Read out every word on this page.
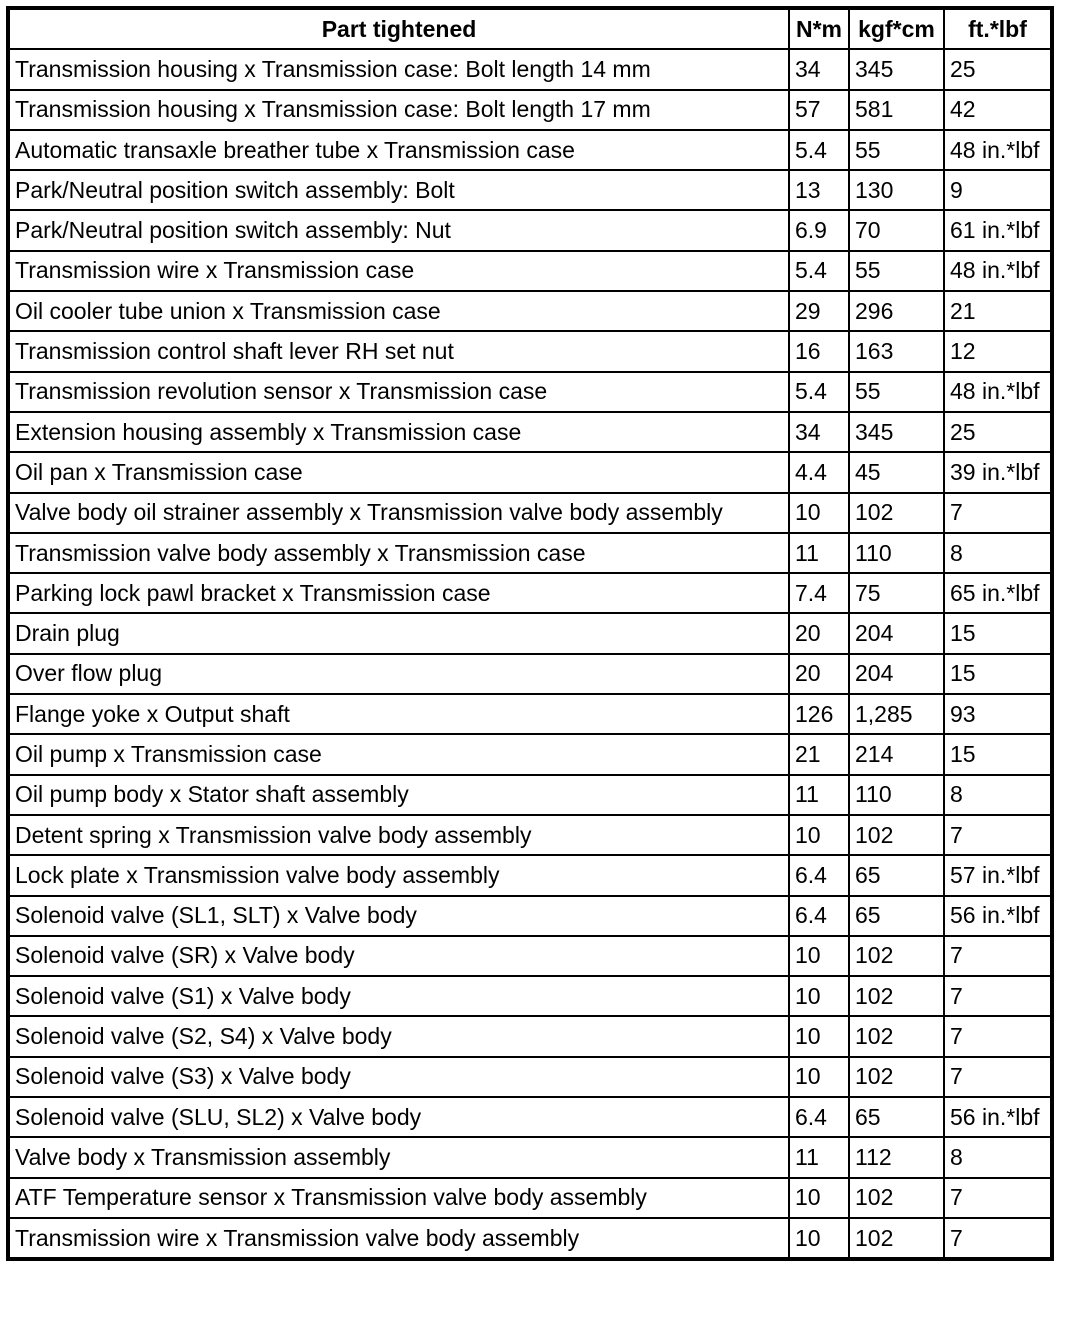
Part tightened	N*m	kgf*cm	ft.*lbf
Transmission housing x Transmission case: Bolt length 14 mm	34	345	25
Transmission housing x Transmission case: Bolt length 17 mm	57	581	42
Automatic transaxle breather tube x Transmission case	5.4	55	48 in.*lbf
Park/Neutral position switch assembly: Bolt	13	130	9
Park/Neutral position switch assembly: Nut	6.9	70	61 in.*lbf
Transmission wire x Transmission case	5.4	55	48 in.*lbf
Oil cooler tube union x Transmission case	29	296	21
Transmission control shaft lever RH set nut	16	163	12
Transmission revolution sensor x Transmission case	5.4	55	48 in.*lbf
Extension housing assembly x Transmission case	34	345	25
Oil pan x Transmission case	4.4	45	39 in.*lbf
Valve body oil strainer assembly x Transmission valve body assembly	10	102	7
Transmission valve body assembly x Transmission case	11	110	8
Parking lock pawl bracket x Transmission case	7.4	75	65 in.*lbf
Drain plug	20	204	15
Over flow plug	20	204	15
Flange yoke x Output shaft	126	1,285	93
Oil pump x Transmission case	21	214	15
Oil pump body x Stator shaft assembly	11	110	8
Detent spring x Transmission valve body assembly	10	102	7
Lock plate x Transmission valve body assembly	6.4	65	57 in.*lbf
Solenoid valve (SL1, SLT) x Valve body	6.4	65	56 in.*lbf
Solenoid valve (SR) x Valve body	10	102	7
Solenoid valve (S1) x Valve body	10	102	7
Solenoid valve (S2, S4) x Valve body	10	102	7
Solenoid valve (S3) x Valve body	10	102	7
Solenoid valve (SLU, SL2) x Valve body	6.4	65	56 in.*lbf
Valve body x Transmission assembly	11	112	8
ATF Temperature sensor x Transmission valve body assembly	10	102	7
Transmission wire x Transmission valve body assembly	10	102	7
